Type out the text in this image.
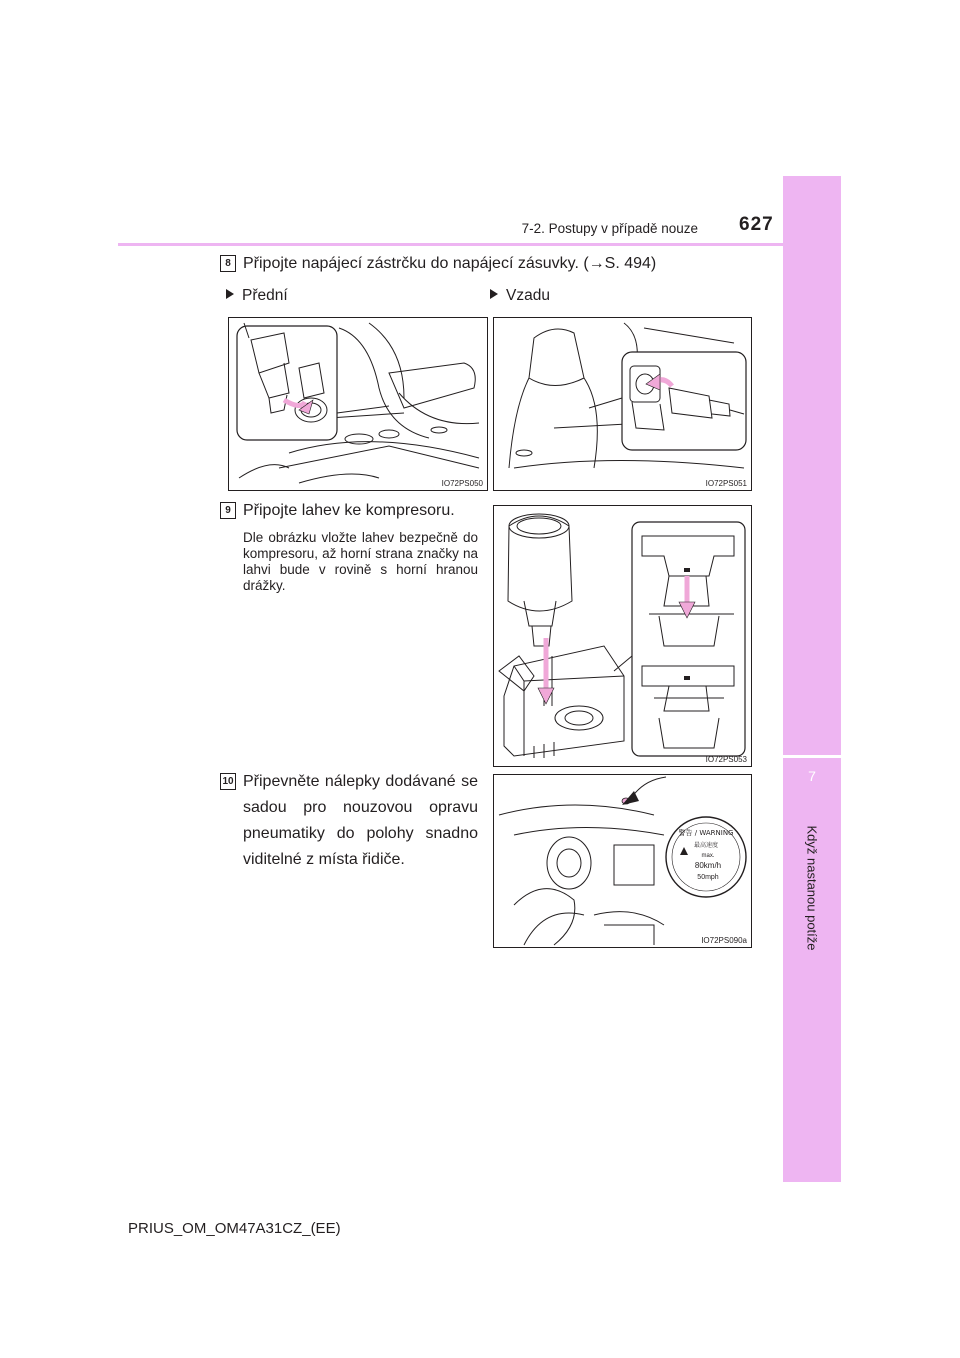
7
Když nastanou potíže
7-2. Postupy v případě nouze 627
8 Připojte napájecí zástrčku do napájecí zásuvky. (→S. 494)
Přední	Vzadu
IO72PS050	IO72PS051
9 Připojte lahev ke kompresoru.
Dle obrázku vložte lahev bezpečně do kompresoru, až horní strana značky na lahvi bude v rovině s horní hranou drážky.
IO72PS053
10 Připevněte nálepky dodávané se sadou pro nouzovou opravu pneumatiky do polohy snadno viditelné z místa řidiče.
警告 / WARNING
最高速度
max.
80km/h
50mph
IO72PS090a
PRIUS_OM_OM47A31CZ_(EE)
